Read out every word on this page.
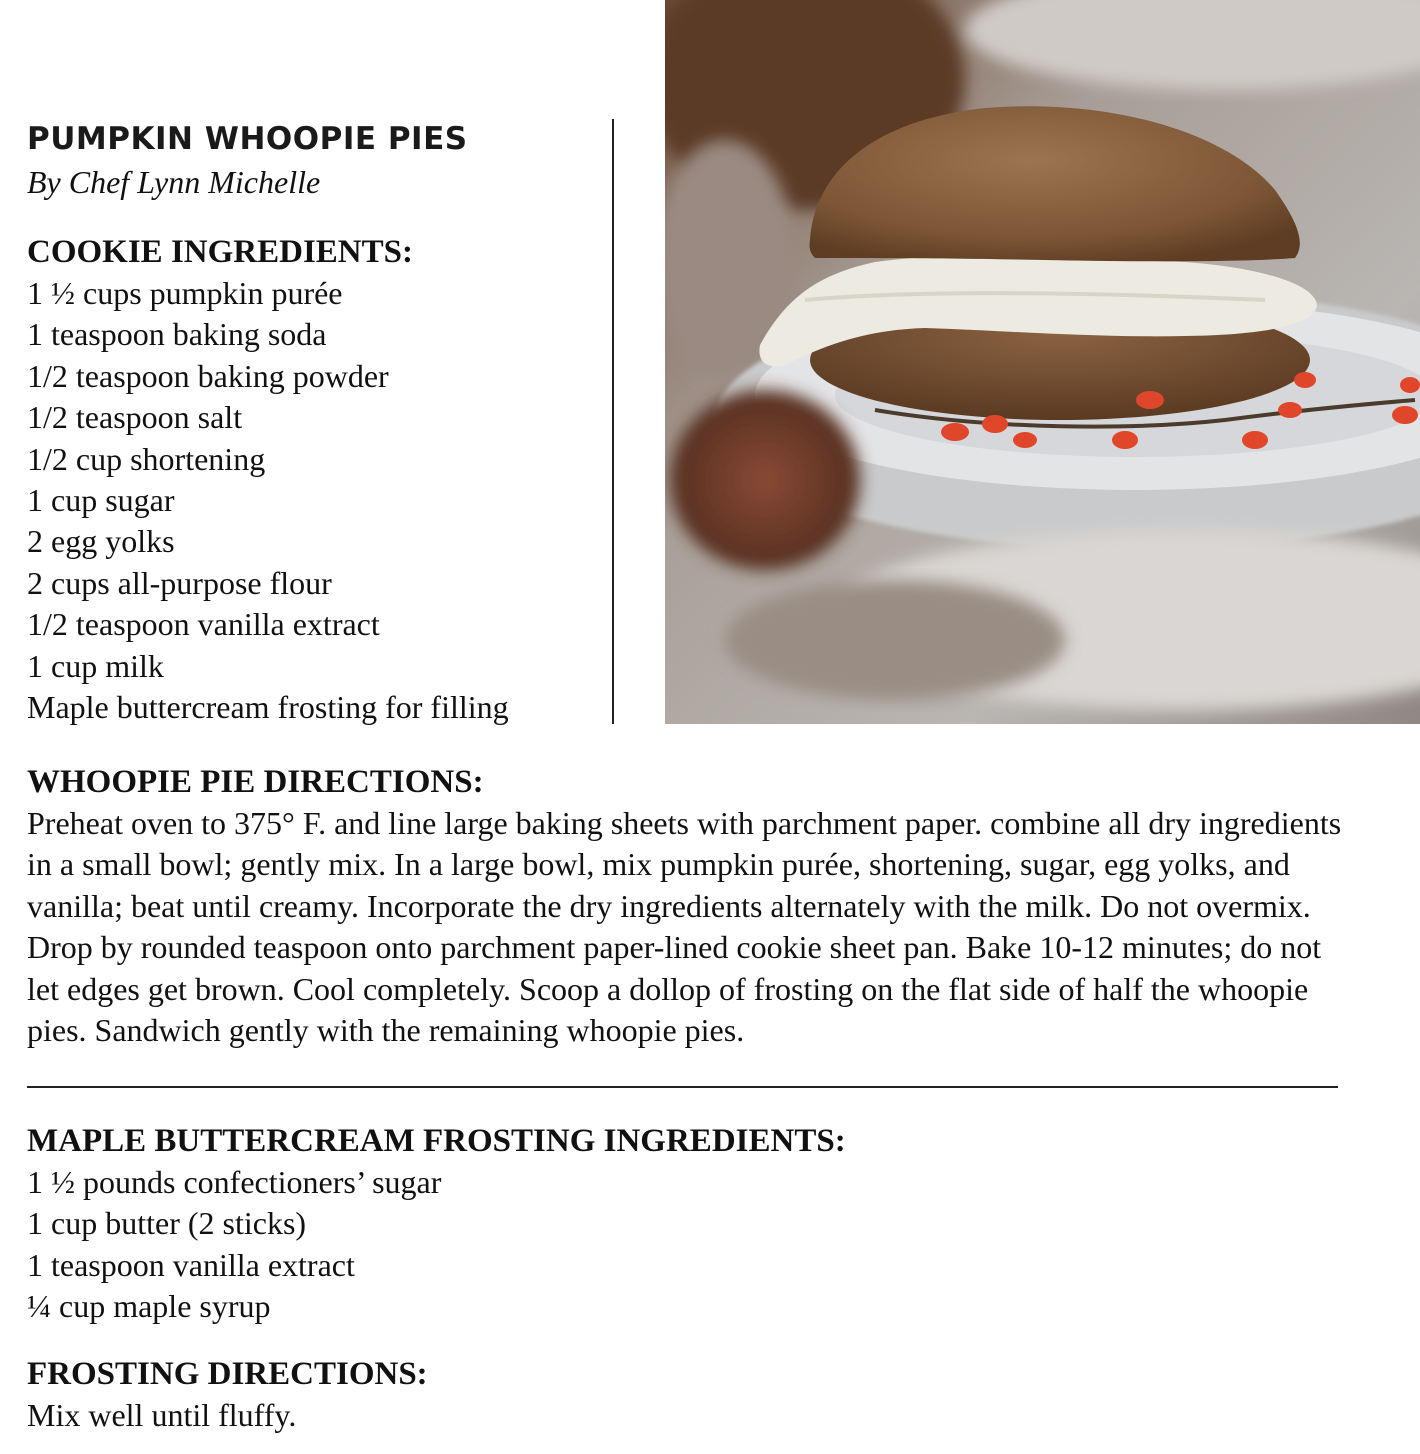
PUMPKIN WHOOPIE PIES

By Chef Lynn Michelle

COOKIE INGREDIENTS:
1 ½ cups pumpkin purée
1 teaspoon baking soda
1/2 teaspoon baking powder
1/2 teaspoon salt
1/2 cup shortening
1 cup sugar
2 egg yolks
2 cups all-purpose flour
1/2 teaspoon vanilla extract
1 cup milk
Maple buttercream frosting for filling
WHOOPIE PIE DIRECTIONS:

Preheat oven to 375° F. and line large baking sheets with parchment paper. combine all dry ingredients in a small bowl; gently mix. In a large bowl, mix pumpkin purée, shortening, sugar, egg yolks, and vanilla; beat until creamy. Incorporate the dry ingredients alternately with the milk. Do not overmix. Drop by rounded teaspoon onto parchment paper-lined cookie sheet pan. Bake 10-12 minutes; do not let edges get brown. Cool completely. Scoop a dollop of frosting on the flat side of half the whoopie pies. Sandwich gently with the remaining whoopie pies.

MAPLE BUTTERCREAM FROSTING INGREDIENTS:
1 ½ pounds confectioners’ sugar
1 cup butter (2 sticks)
1 teaspoon vanilla extract
¼ cup maple syrup
FROSTING DIRECTIONS:

Mix well until fluffy.
